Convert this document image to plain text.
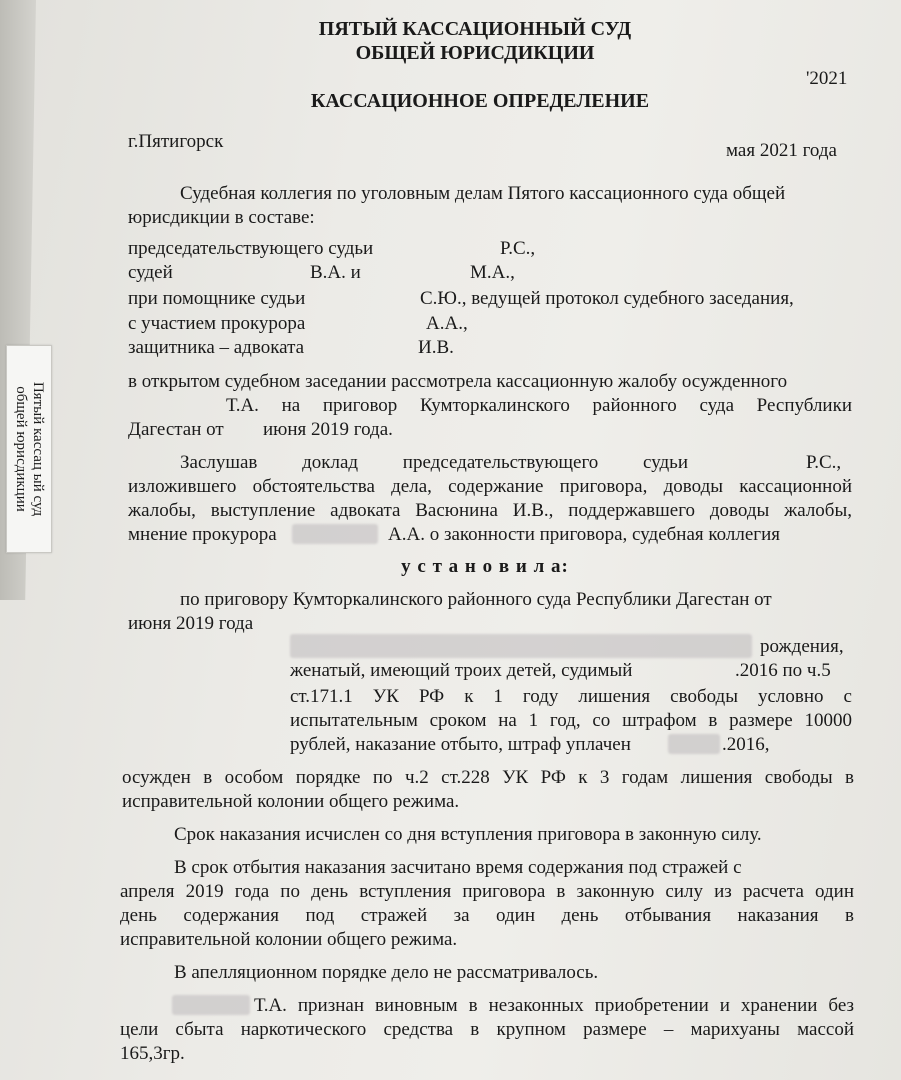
ПЯТЫЙ КАССАЦИОННЫЙ СУД
ОБЩЕЙ ЮРИСДИКЦИИ
'2021
КАССАЦИОННОЕ ОПРЕДЕЛЕНИЕ
г.Пятигорск	мая 2021 года
Судебная коллегия по уголовным делам Пятого кассационного суда общей
юрисдикции в составе:
председательствующего судьи	Р.С.,
судей	В.А. и	М.А.,
при помощнике судьи	С.Ю., ведущей протокол судебного заседания,
с участием прокурора	А.А.,
защитника – адвоката	И.В.
Пятый кассац ый суд
общей юрисдикции
в открытом судебном заседании рассмотрела кассационную жалобу осужденного
Т.А. на приговор Кумторкалинского районного суда Республики
Дагестан от июня 2019 года.
Заслушав доклад председательствующего судьи	Р.С.,
изложившего обстоятельства дела, содержание приговора, доводы кассационной
жалобы, выступление адвоката Васюнина И.В., поддержавшего доводы жалобы,
мнение прокурора	А.А. о законности приговора, судебная коллегия
у с т а н о в и л а:
по приговору Кумторкалинского районного суда Республики Дагестан от
июня 2019 года
рождения,
женатый, имеющий троих детей, судимый	.2016 по ч.5
ст.171.1 УК РФ к 1 году лишения свободы условно с
испытательным сроком на 1 год, со штрафом в размере 10000
рублей, наказание отбыто, штраф уплачен	.2016,
осужден в особом порядке по ч.2 ст.228 УК РФ к 3 годам лишения свободы в
исправительной колонии общего режима.
Срок наказания исчислен со дня вступления приговора в законную силу.
В срок отбытия наказания засчитано время содержания под стражей с
апреля 2019 года по день вступления приговора в законную силу из расчета один
день содержания под стражей за один день отбывания наказания в
исправительной колонии общего режима.
В апелляционном порядке дело не рассматривалось.
Т.А. признан виновным в незаконных приобретении и хранении без
цели сбыта наркотического средства в крупном размере – марихуаны массой
165,3гр.
